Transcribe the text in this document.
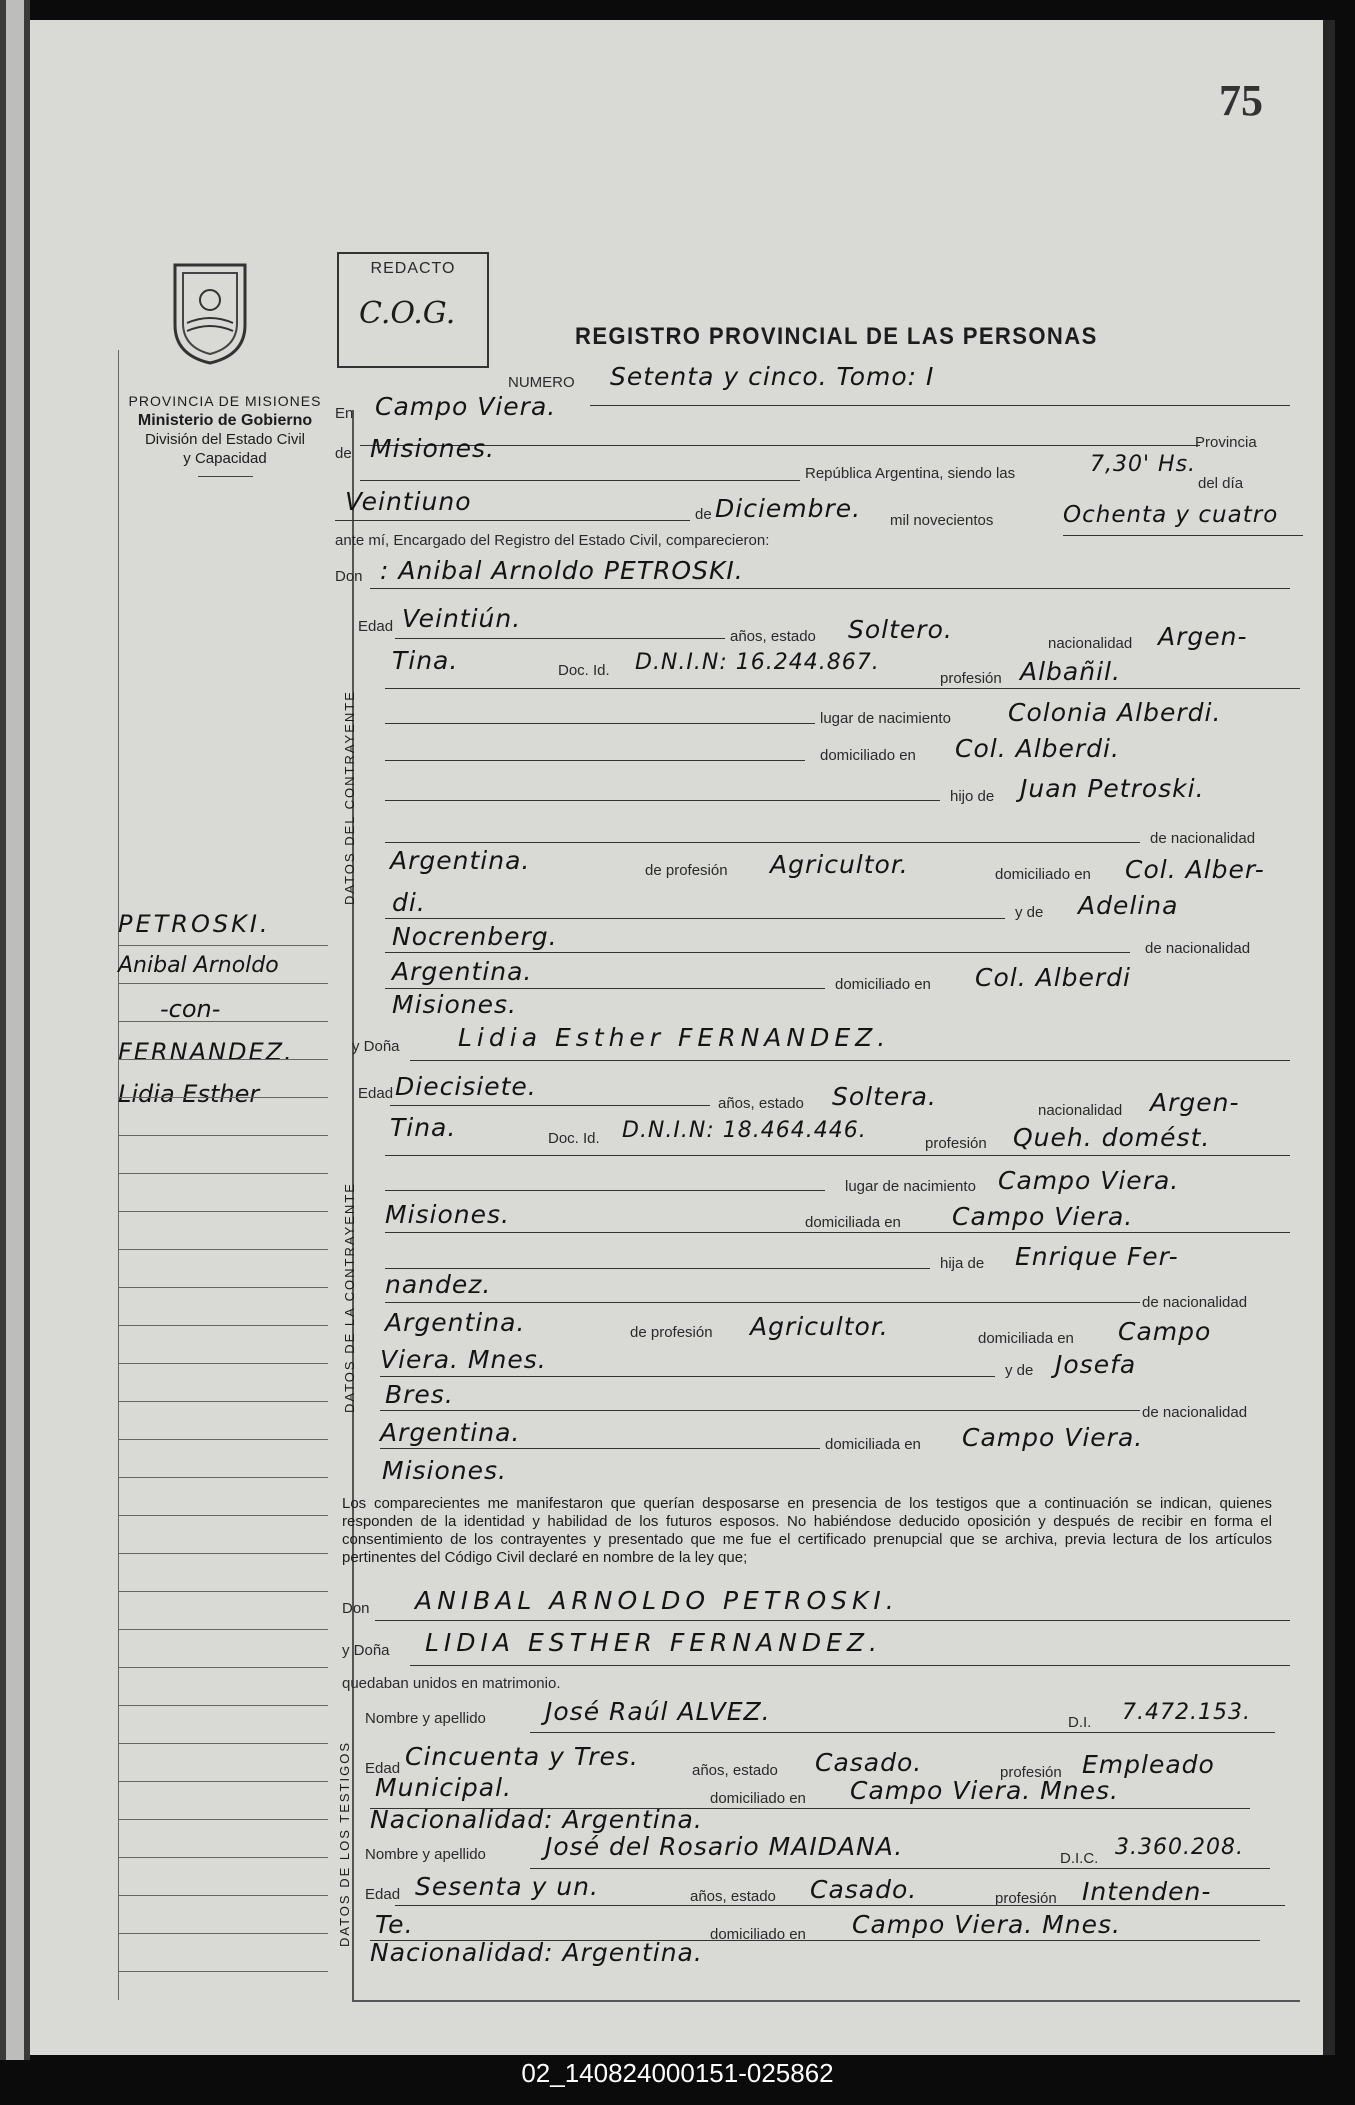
75
PROVINCIA DE MISIONES
Ministerio de Gobierno
División del Estado Civil
y Capacidad
REDACTO
C.O.G.
REGISTRO PROVINCIAL DE LAS PERSONAS
NUMERO Setenta y cinco. Tomo: I
En Campo Viera.
Provincia
de Misiones.
República Argentina, siendo las	7,30' Hs.
del día
Veintiuno	de Diciembre. mil novecientos	Ochenta y cuatro
ante mí, Encargado del Registro del Estado Civil, comparecieron:
Don : Anibal Arnoldo PETROSKI.
DATOS DEL CONTRAYENTE
Edad Veintiún.
años, estado Soltero.	nacionalidad Argen-
Tina.	Doc. Id. D.N.I.N: 16.244.867.
profesión Albañil.
lugar de nacimiento Colonia Alberdi.
domiciliado en Col. Alberdi.
hijo de Juan Petroski.
de nacionalidad
Argentina.	de profesión Agricultor.	domiciliado en Col. Alber-
di.	y de Adelina
Nocrenberg.	de nacionalidad
Argentina.	domiciliado en Col. Alberdi
Misiones.
y Doña Lidia Esther FERNANDEZ.
DATOS DE LA CONTRAYENTE
Edad Diecisiete.
años, estado Soltera.	nacionalidad Argen-
Tina.	Doc. Id. D.N.I.N: 18.464.446.
profesión Queh. domést.
lugar de nacimiento Campo Viera.
Misiones.	domiciliada en Campo Viera.
hija de Enrique Fer-
nandez.
de nacionalidad
Argentina.	de profesión Agricultor.	domiciliada en Campo
Viera. Mnes.	y de Josefa
Bres.
de nacionalidad
Argentina.	domiciliada en Campo Viera.
Misiones.
Los comparecientes me manifestaron que querían desposarse en presencia de los testigos que a continuación se indican, quienes responden de la identidad y habilidad de los futuros esposos. No habiéndose deducido oposición y después de recibir en forma el consentimiento de los contrayentes y presentado que me fue el certificado prenupcial que se archiva, previa lectura de los artículos pertinentes del Código Civil declaré en nombre de la ley que;
Don ANIBAL ARNOLDO PETROSKI.
y Doña LIDIA ESTHER FERNANDEZ.
quedaban unidos en matrimonio.
DATOS DE LOS TESTIGOS
Nombre y apellido José Raúl ALVEZ.	D.I. 7.472.153.
Edad Cincuenta y Tres.	años, estado Casado.	profesión Empleado
Municipal.	domiciliado en Campo Viera. Mnes.
Nacionalidad: Argentina.
Nombre y apellido José del Rosario MAIDANA.	D.I.C. 3.360.208.
Edad Sesenta y un.	años, estado Casado.	profesión Intenden-
Te.	domiciliado en Campo Viera. Mnes.
Nacionalidad: Argentina.
PETROSKI.
Anibal Arnoldo
-con-
FERNANDEZ.
Lidia Esther
02_140824000151-025862
